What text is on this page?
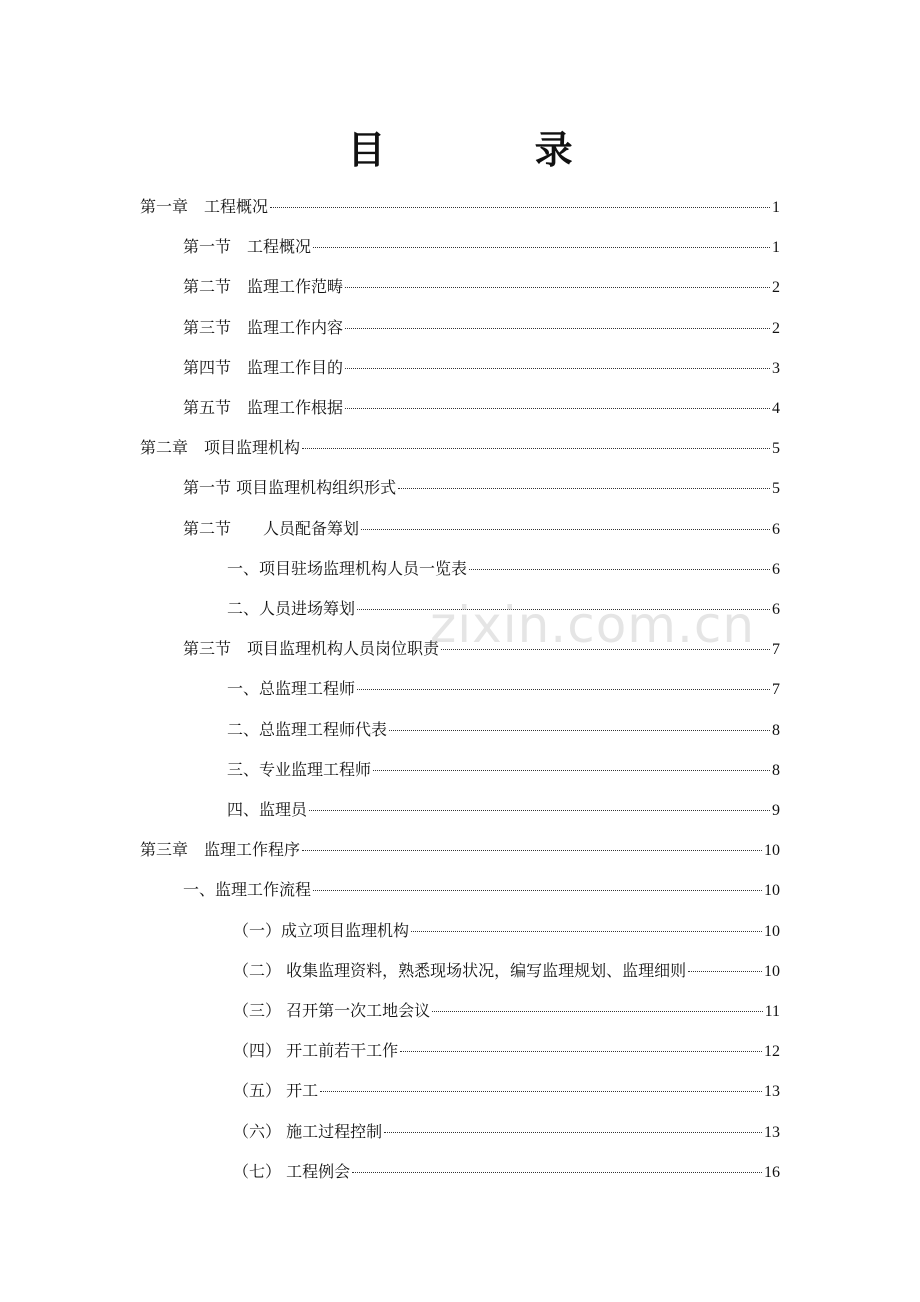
目 录
第一章　工程概况	1
第一节　工程概况	1
第二节　监理工作范畴	2
第三节　监理工作内容	2
第四节　监理工作目的	3
第五节　监理工作根据	4
第二章　项目监理机构	5
第一节 项目监理机构组织形式	5
第二节　　人员配备筹划	6
一、项目驻场监理机构人员一览表	6
二、人员进场筹划	6
第三节　项目监理机构人员岗位职责	7
一、总监理工程师	7
二、总监理工程师代表	8
三、专业监理工程师	8
四、监理员	9
第三章　监理工作程序	10
一、监理工作流程	10
（一）成立项目监理机构	10
（二） 收集监理资料，熟悉现场状况，编写监理规划、监理细则	10
（三） 召开第一次工地会议	11
（四） 开工前若干工作	12
（五） 开工	13
（六） 施工过程控制	13
（七） 工程例会	16
zixin.com.cn
